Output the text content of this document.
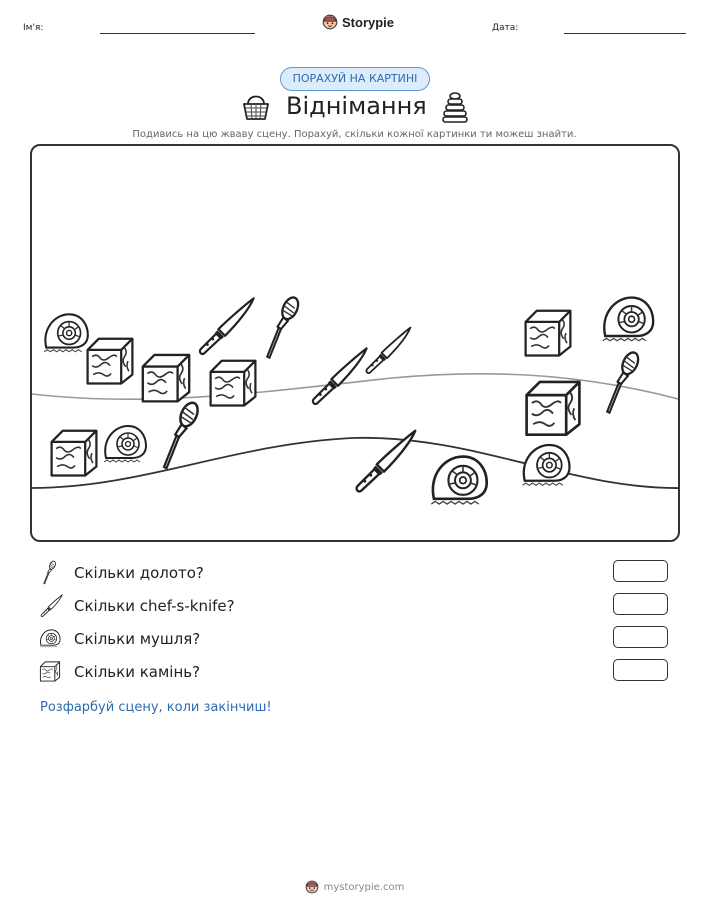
Ім'я:	Storypie	Дата:
ПОРАХУЙ НА КАРТИНІ
Віднімання
Подивись на цю жваву сцену. Порахуй, скільки кожної картинки ти можеш знайти.
Скільки долото?
Скільки chef-s-knife?
Скільки мушля?
Скільки камінь?
Розфарбуй сцену, коли закінчиш!
mystorypie.com
